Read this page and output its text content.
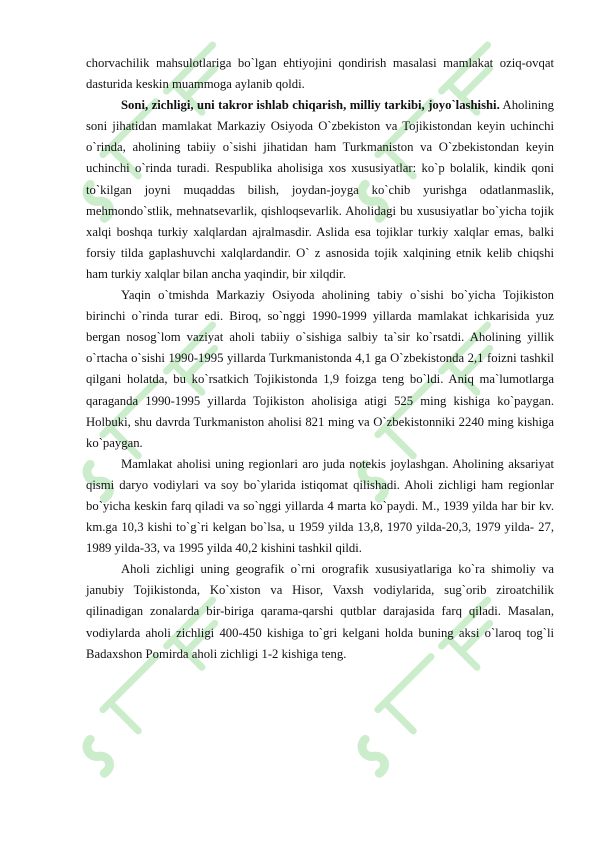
chorvachilik mahsulotlariga bo`lgan ehtiyojini qondirish masalasi mamlakat oziq-ovqat dasturida keskin muammoga aylanib qoldi.

Soni, zichligi, uni takror ishlab chiqarish, milliy tarkibi, joyo`lashishi. Aholining soni jihatidan mamlakat Markaziy Osiyoda O`zbekiston va Tojikistondan keyin uchinchi o`rinda, aholining tabiiy o`sishi jihatidan ham Turkmaniston va O`zbekistondan keyin uchinchi o`rinda turadi. Respublika aholisiga xos xususiyatlar: ko`p bolalik, kindik qoni to`kilgan joyni muqaddas bilish, joydan-joyga ko`chib yurishga odatlanmaslik, mehmondo`stlik, mehnatsevarlik, qishloqsevarlik. Aholidagi bu xususiyatlar bo`yicha tojik xalqi boshqa turkiy xalqlardan ajralmasdir. Aslida esa tojiklar turkiy xalqlar emas, balki forsiy tilda gaplashuvchi xalqlardandir. O` z asnosida tojik xalqining etnik kelib chiqshi ham turkiy xalqlar bilan ancha yaqindir, bir xilqdir.

Yaqin o`tmishda Markaziy Osiyoda aholining tabiy o`sishi bo`yicha Tojikiston birinchi o`rinda turar edi. Biroq, so`nggi 1990-1999 yillarda mamlakat ichkarisida yuz bergan nosog`lom vaziyat aholi tabiiy o`sishiga salbiy ta`sir ko`rsatdi. Aholining yillik o`rtacha o`sishi 1990-1995 yillarda Turkmanistonda 4,1 ga O`zbekistonda 2,1 foizni tashkil qilgani holatda, bu ko`rsatkich Tojikistonda 1,9 foizga teng bo`ldi. Aniq ma`lumotlarga qaraganda 1990-1995 yillarda Tojikiston aholisiga atigi 525 ming kishiga ko`paygan. Holbuki, shu davrda Turkmaniston aholisi 821 ming va O`zbekistonniki 2240 ming kishiga ko`paygan.

Mamlakat aholisi uning regionlari aro juda notekis joylashgan. Aholining aksariyat qismi daryo vodiylari va soy bo`ylarida istiqomat qilishadi. Aholi zichligi ham regionlar bo`yicha keskin farq qiladi va so`nggi yillarda 4 marta ko`paydi. M., 1939 yilda har bir kv. km.ga 10,3 kishi to`g`ri kelgan bo`lsa, u 1959 yilda 13,8, 1970 yilda-20,3, 1979 yilda- 27, 1989 yilda-33, va 1995 yilda 40,2 kishini tashkil qildi.

Aholi zichligi uning geografik o`rni orografik xususiyatlariga ko`ra shimoliy va janubiy Tojikistonda, Ko`xiston va Hisor, Vaxsh vodiylarida, sug`orib ziroatchilik qilinadigan zonalarda bir-biriga qarama-qarshi qutblar darajasida farq qiladi. Masalan, vodiylarda aholi zichligi 400-450 kishiga to`gri kelgani holda buning aksi o`laroq tog`li Badaxshon Pomirda aholi zichligi 1-2 kishiga teng.
